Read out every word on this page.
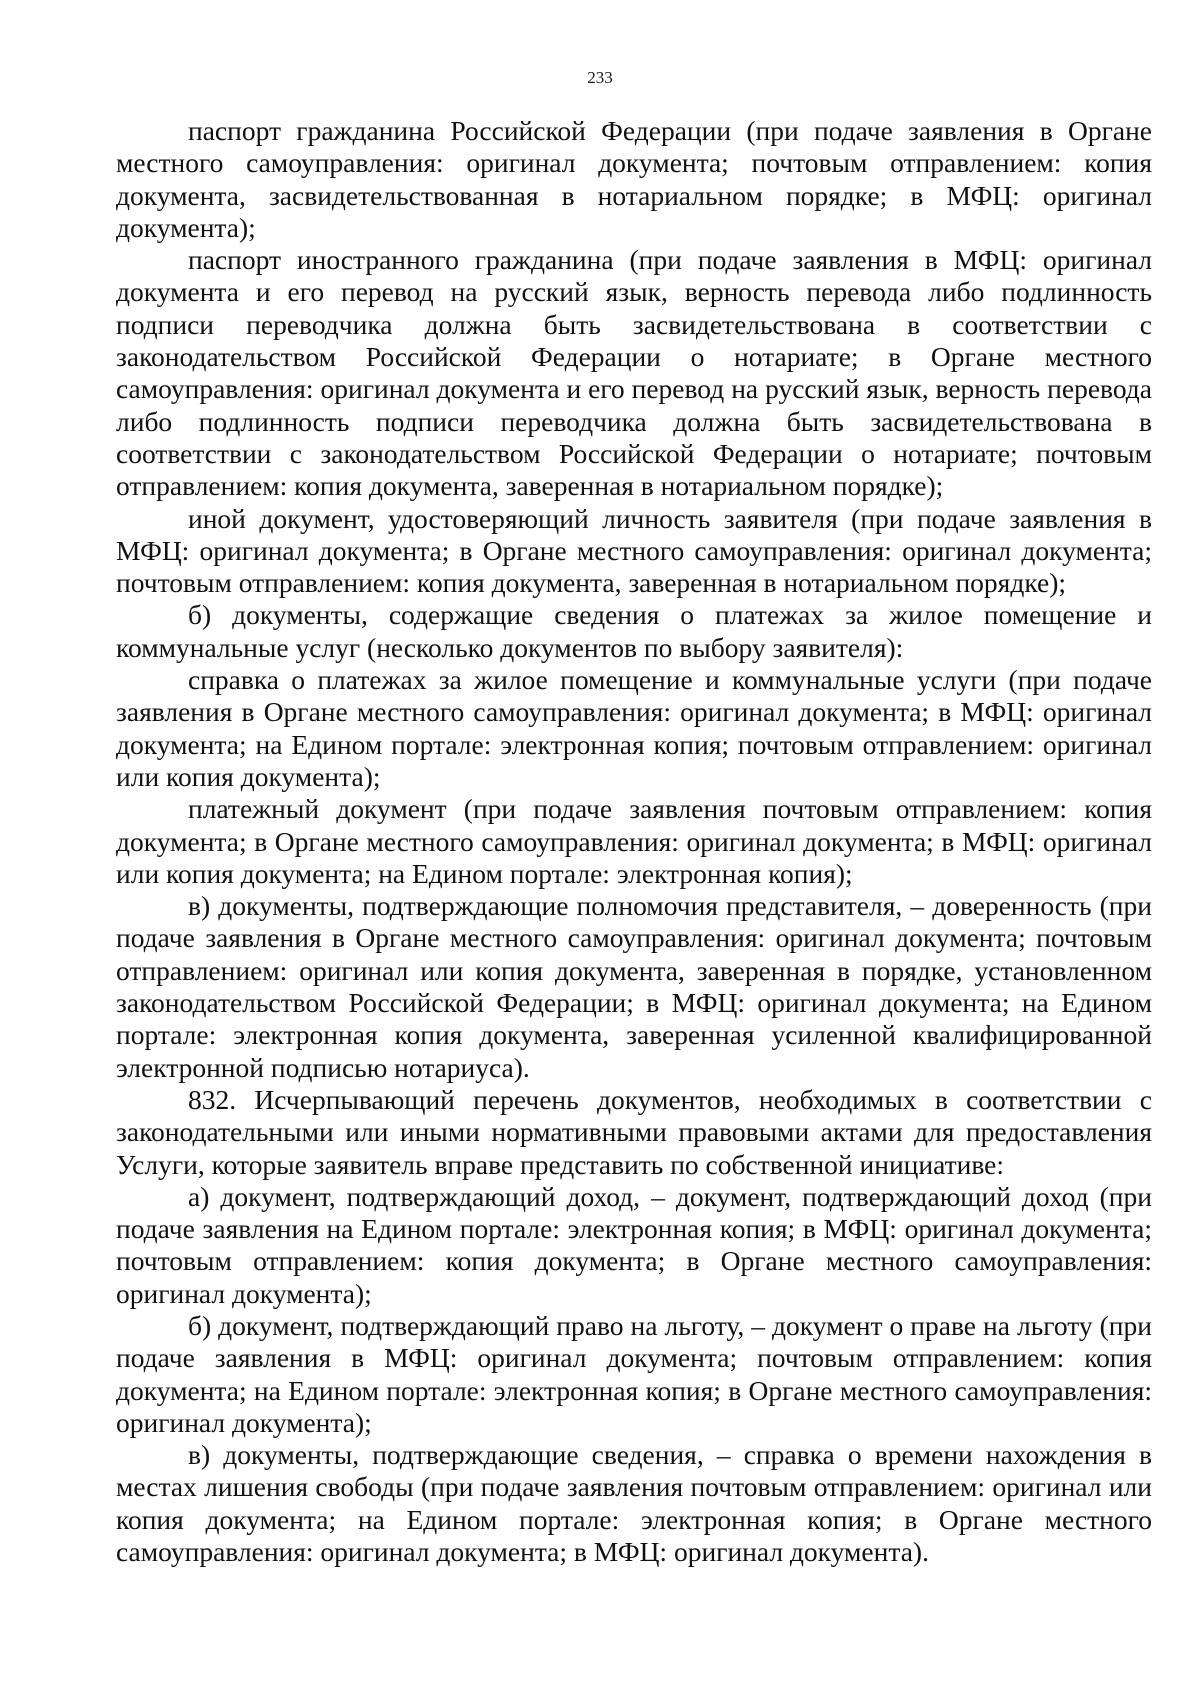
233

паспорт гражданина Российской Федерации (при подаче заявления в Органе местного самоуправления: оригинал документа; почтовым отправлением: копия документа, засвидетельствованная в нотариальном порядке; в МФЦ: оригинал документа);

паспорт иностранного гражданина (при подаче заявления в МФЦ: оригинал документа и его перевод на русский язык, верность перевода либо подлинность подписи переводчика должна быть засвидетельствована в соответствии с законодательством Российской Федерации о нотариате; в Органе местного самоуправления: оригинал документа и его перевод на русский язык, верность перевода либо подлинность подписи переводчика должна быть засвидетельствована в соответствии с законодательством Российской Федерации о нотариате; почтовым отправлением: копия документа, заверенная в нотариальном порядке);

иной документ, удостоверяющий личность заявителя (при подаче заявления в МФЦ: оригинал документа; в Органе местного самоуправления: оригинал документа; почтовым отправлением: копия документа, заверенная в нотариальном порядке);

б) документы, содержащие сведения о платежах за жилое помещение и коммунальные услуг (несколько документов по выбору заявителя):

справка о платежах за жилое помещение и коммунальные услуги (при подаче заявления в Органе местного самоуправления: оригинал документа; в МФЦ: оригинал документа; на Едином портале: электронная копия; почтовым отправлением: оригинал или копия документа);

платежный документ (при подаче заявления почтовым отправлением: копия документа; в Органе местного самоуправления: оригинал документа; в МФЦ: оригинал или копия документа; на Едином портале: электронная копия);

в) документы, подтверждающие полномочия представителя, – доверенность (при подаче заявления в Органе местного самоуправления: оригинал документа; почтовым отправлением: оригинал или копия документа, заверенная в порядке, установленном законодательством Российской Федерации; в МФЦ: оригинал документа; на Едином портале: электронная копия документа, заверенная усиленной квалифицированной электронной подписью нотариуса).

832. Исчерпывающий перечень документов, необходимых в соответствии с законодательными или иными нормативными правовыми актами для предоставления Услуги, которые заявитель вправе представить по собственной инициативе:

а) документ, подтверждающий доход, – документ, подтверждающий доход (при подаче заявления на Едином портале: электронная копия; в МФЦ: оригинал документа; почтовым отправлением: копия документа; в Органе местного самоуправления: оригинал документа);

б) документ, подтверждающий право на льготу, – документ о праве на льготу (при подаче заявления в МФЦ: оригинал документа; почтовым отправлением: копия документа; на Едином портале: электронная копия; в Органе местного самоуправления: оригинал документа);

в) документы, подтверждающие сведения, – справка о времени нахождения в местах лишения свободы (при подаче заявления почтовым отправлением: оригинал или копия документа; на Едином портале: электронная копия; в Органе местного самоуправления: оригинал документа; в МФЦ: оригинал документа).
